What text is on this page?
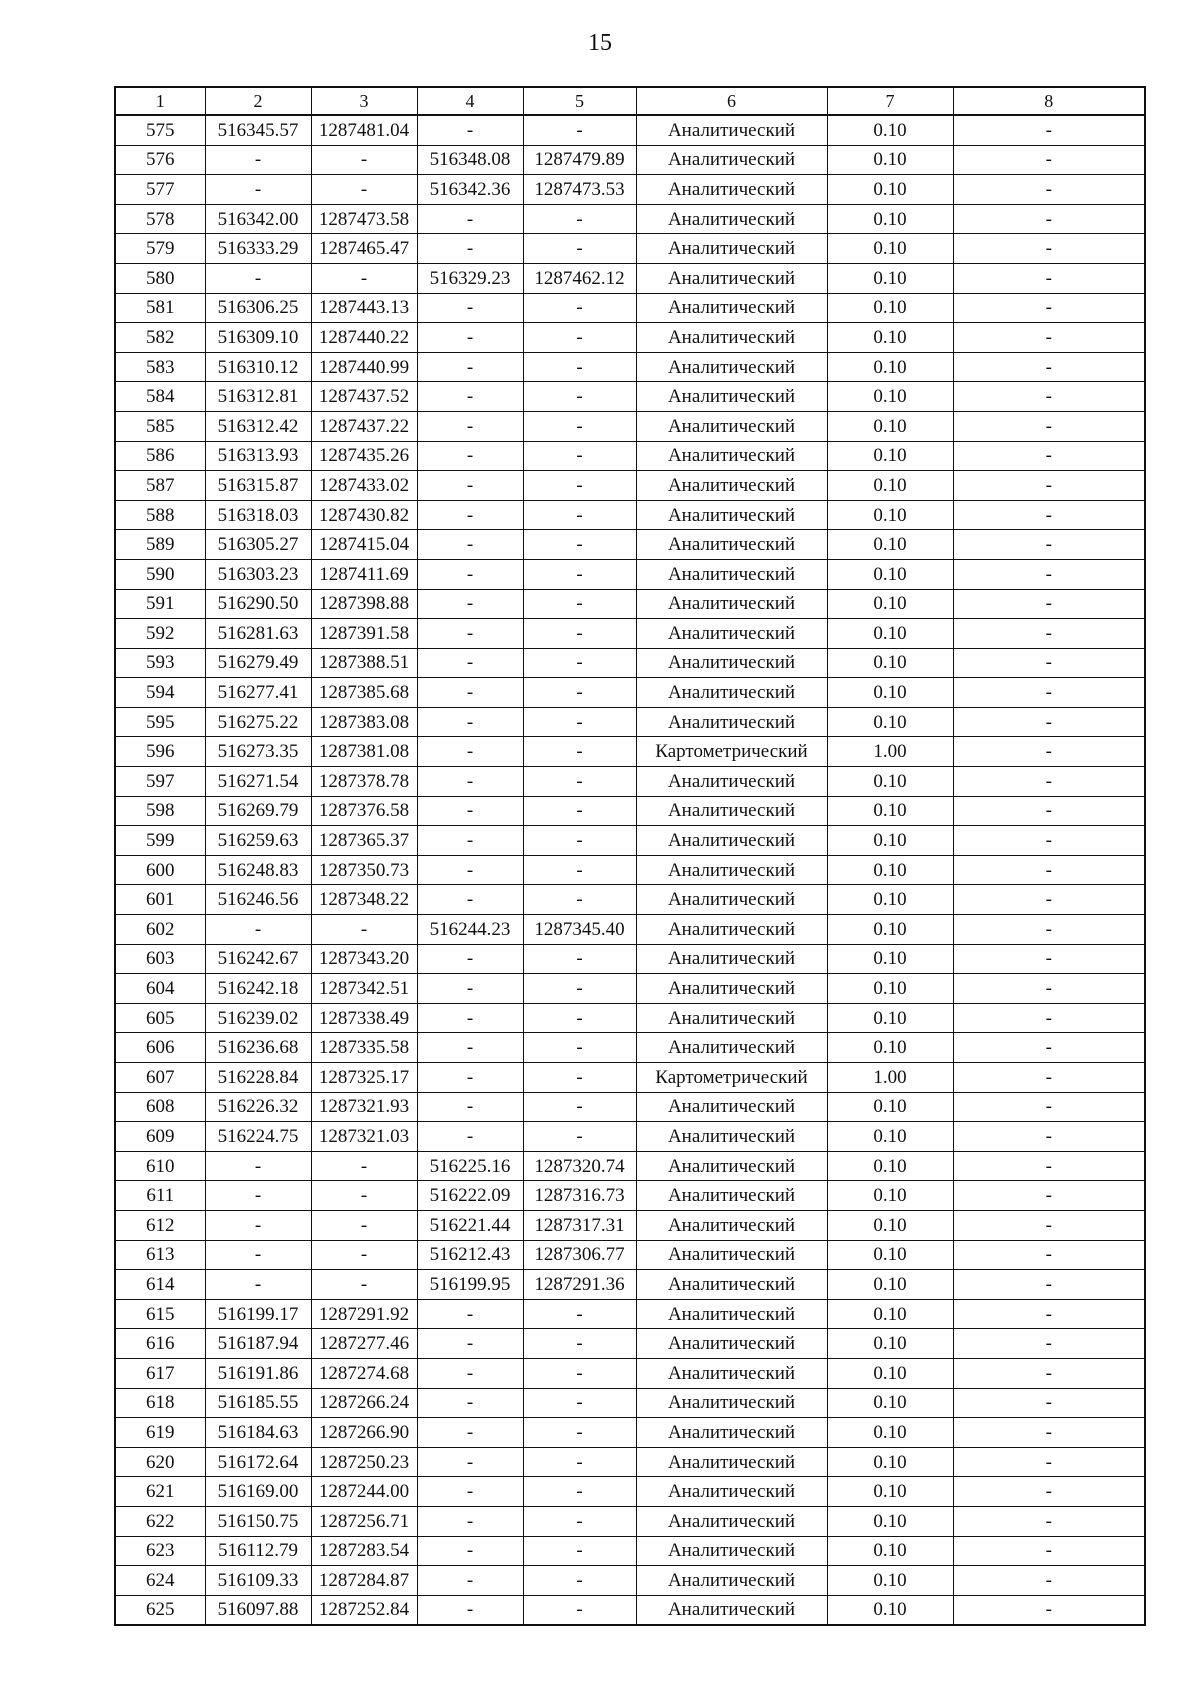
15
1	2	3	4	5	6	7	8
575	516345.57	1287481.04	-	-	Аналитический	0.10	-
576	-	-	516348.08	1287479.89	Аналитический	0.10	-
577	-	-	516342.36	1287473.53	Аналитический	0.10	-
578	516342.00	1287473.58	-	-	Аналитический	0.10	-
579	516333.29	1287465.47	-	-	Аналитический	0.10	-
580	-	-	516329.23	1287462.12	Аналитический	0.10	-
581	516306.25	1287443.13	-	-	Аналитический	0.10	-
582	516309.10	1287440.22	-	-	Аналитический	0.10	-
583	516310.12	1287440.99	-	-	Аналитический	0.10	-
584	516312.81	1287437.52	-	-	Аналитический	0.10	-
585	516312.42	1287437.22	-	-	Аналитический	0.10	-
586	516313.93	1287435.26	-	-	Аналитический	0.10	-
587	516315.87	1287433.02	-	-	Аналитический	0.10	-
588	516318.03	1287430.82	-	-	Аналитический	0.10	-
589	516305.27	1287415.04	-	-	Аналитический	0.10	-
590	516303.23	1287411.69	-	-	Аналитический	0.10	-
591	516290.50	1287398.88	-	-	Аналитический	0.10	-
592	516281.63	1287391.58	-	-	Аналитический	0.10	-
593	516279.49	1287388.51	-	-	Аналитический	0.10	-
594	516277.41	1287385.68	-	-	Аналитический	0.10	-
595	516275.22	1287383.08	-	-	Аналитический	0.10	-
596	516273.35	1287381.08	-	-	Картометрический	1.00	-
597	516271.54	1287378.78	-	-	Аналитический	0.10	-
598	516269.79	1287376.58	-	-	Аналитический	0.10	-
599	516259.63	1287365.37	-	-	Аналитический	0.10	-
600	516248.83	1287350.73	-	-	Аналитический	0.10	-
601	516246.56	1287348.22	-	-	Аналитический	0.10	-
602	-	-	516244.23	1287345.40	Аналитический	0.10	-
603	516242.67	1287343.20	-	-	Аналитический	0.10	-
604	516242.18	1287342.51	-	-	Аналитический	0.10	-
605	516239.02	1287338.49	-	-	Аналитический	0.10	-
606	516236.68	1287335.58	-	-	Аналитический	0.10	-
607	516228.84	1287325.17	-	-	Картометрический	1.00	-
608	516226.32	1287321.93	-	-	Аналитический	0.10	-
609	516224.75	1287321.03	-	-	Аналитический	0.10	-
610	-	-	516225.16	1287320.74	Аналитический	0.10	-
611	-	-	516222.09	1287316.73	Аналитический	0.10	-
612	-	-	516221.44	1287317.31	Аналитический	0.10	-
613	-	-	516212.43	1287306.77	Аналитический	0.10	-
614	-	-	516199.95	1287291.36	Аналитический	0.10	-
615	516199.17	1287291.92	-	-	Аналитический	0.10	-
616	516187.94	1287277.46	-	-	Аналитический	0.10	-
617	516191.86	1287274.68	-	-	Аналитический	0.10	-
618	516185.55	1287266.24	-	-	Аналитический	0.10	-
619	516184.63	1287266.90	-	-	Аналитический	0.10	-
620	516172.64	1287250.23	-	-	Аналитический	0.10	-
621	516169.00	1287244.00	-	-	Аналитический	0.10	-
622	516150.75	1287256.71	-	-	Аналитический	0.10	-
623	516112.79	1287283.54	-	-	Аналитический	0.10	-
624	516109.33	1287284.87	-	-	Аналитический	0.10	-
625	516097.88	1287252.84	-	-	Аналитический	0.10	-
